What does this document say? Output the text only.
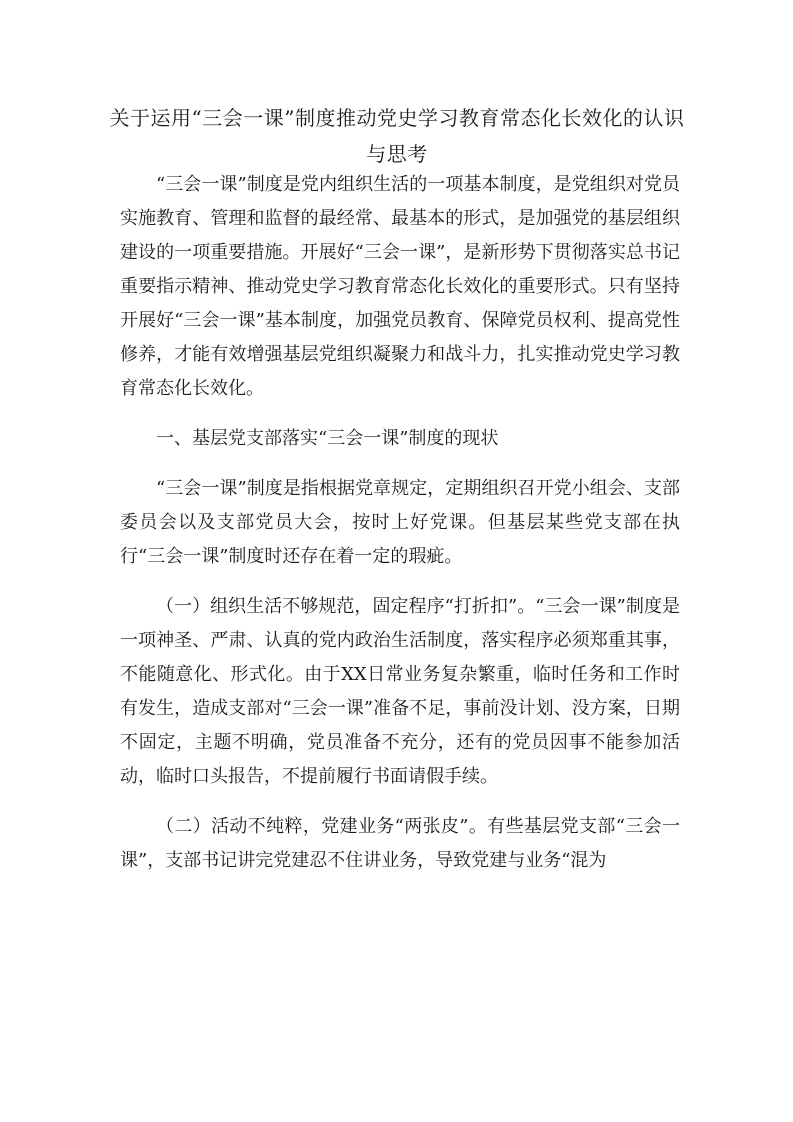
关于运用“三会一课”制度推动党史学习教育常态化长效化的认识与思考

“三会一课”制度是党内组织生活的一项基本制度，是党组织对党员实施教育、管理和监督的最经常、最基本的形式，是加强党的基层组织建设的一项重要措施。开展好“三会一课”，是新形势下贯彻落实总书记重要指示精神、推动党史学习教育常态化长效化的重要形式。只有坚持开展好“三会一课”基本制度，加强党员教育、保障党员权利、提高党性修养，才能有效增强基层党组织凝聚力和战斗力，扎实推动党史学习教育常态化长效化。

一、基层党支部落实“三会一课”制度的现状

“三会一课”制度是指根据党章规定，定期组织召开党小组会、支部委员会以及支部党员大会，按时上好党课。但基层某些党支部在执行“三会一课”制度时还存在着一定的瑕疵。

（一）组织生活不够规范，固定程序“打折扣”。“三会一课”制度是一项神圣、严肃、认真的党内政治生活制度，落实程序必须郑重其事，不能随意化、形式化。由于XX日常业务复杂繁重，临时任务和工作时有发生，造成支部对“三会一课”准备不足，事前没计划、没方案，日期不固定，主题不明确，党员准备不充分，还有的党员因事不能参加活动，临时口头报告，不提前履行书面请假手续。

（二）活动不纯粹，党建业务“两张皮”。有些基层党支部“三会一课”，支部书记讲完党建忍不住讲业务，导致党建与业务“混为
